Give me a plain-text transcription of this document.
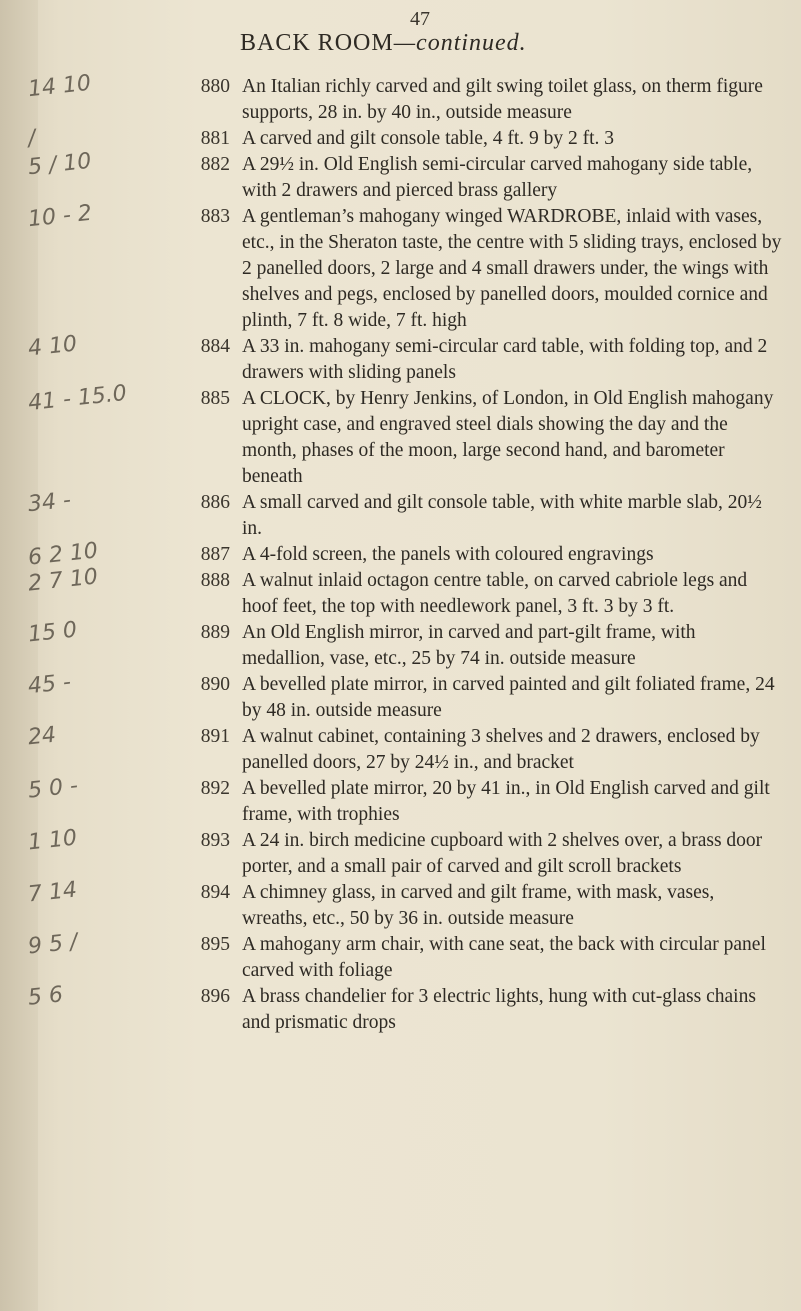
47
BACK ROOM—continued.
14 10	880 An Italian richly carved and gilt swing toilet glass, on therm figure supports, 28 in. by 40 in., outside measure
/	881 A carved and gilt console table, 4 ft. 9 by 2 ft. 3
5 / 10	882 A 29½ in. Old English semi-circular carved mahogany side table, with 2 drawers and pierced brass gallery
10 - 2	883 A gentleman’s mahogany winged WARDROBE, inlaid with vases, etc., in the Sheraton taste, the centre with 5 sliding trays, enclosed by 2 panelled doors, 2 large and 4 small drawers under, the wings with shelves and pegs, enclosed by panelled doors, moulded cornice and plinth, 7 ft. 8 wide, 7 ft. high
4 10	884 A 33 in. mahogany semi-circular card table, with folding top, and 2 drawers with sliding panels
41 - 15.0	885 A CLOCK, by Henry Jenkins, of London, in Old English mahogany upright case, and engraved steel dials showing the day and the month, phases of the moon, large second hand, and barometer beneath
34 -	886 A small carved and gilt console table, with white marble slab, 20½ in.
6 2 10	887 A 4-fold screen, the panels with coloured engravings
2 7 10	888 A walnut inlaid octagon centre table, on carved cabriole legs and hoof feet, the top with needlework panel, 3 ft. 3 by 3 ft.
15 0	889 An Old English mirror, in carved and part-gilt frame, with medallion, vase, etc., 25 by 74 in. outside measure
45 -	890 A bevelled plate mirror, in carved painted and gilt foliated frame, 24 by 48 in. outside measure
24	891 A walnut cabinet, containing 3 shelves and 2 drawers, enclosed by panelled doors, 27 by 24½ in., and bracket
5 0 -	892 A bevelled plate mirror, 20 by 41 in., in Old English carved and gilt frame, with trophies
1 10	893 A 24 in. birch medicine cupboard with 2 shelves over, a brass door porter, and a small pair of carved and gilt scroll brackets
7 14	894 A chimney glass, in carved and gilt frame, with mask, vases, wreaths, etc., 50 by 36 in. outside measure
9 5 /	895 A mahogany arm chair, with cane seat, the back with circular panel carved with foliage
5 6	896 A brass chandelier for 3 electric lights, hung with cut-glass chains and prismatic drops
